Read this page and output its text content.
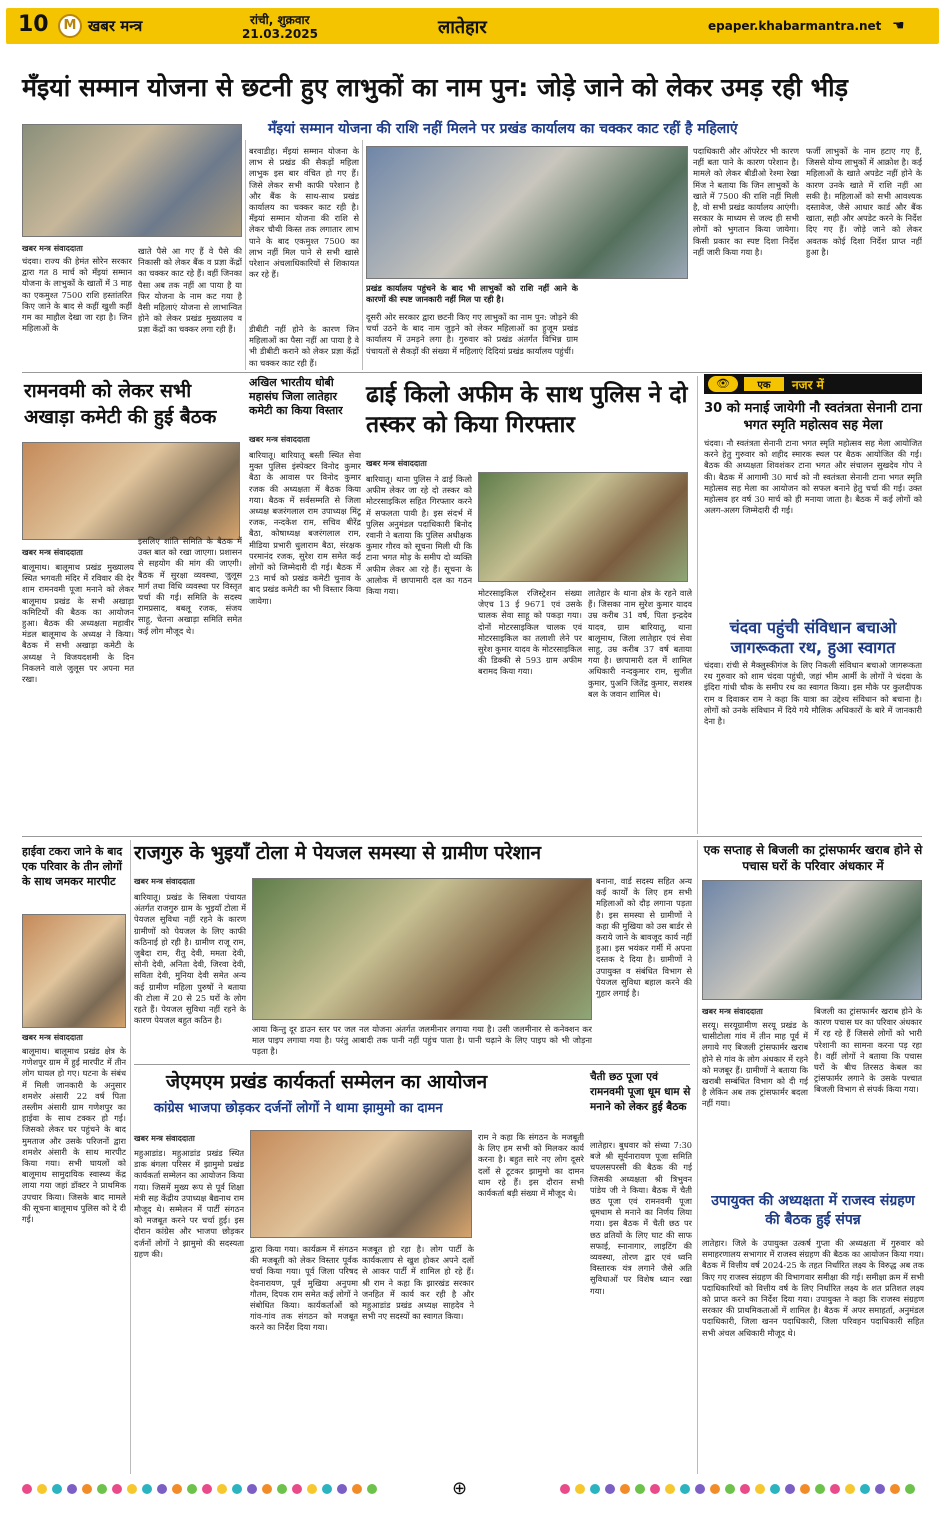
10	M खबर मन्त्र	रांची, शुक्रवार
21.03.2025	लातेहार	epaper.khabarmantra.net ☚
मँइयां सम्मान योजना से छटनी हुए लाभुकों का नाम पुन: जोड़े जाने को लेकर उमड़ रही भीड़
मँइयां सम्मान योजना की राशि नहीं मिलने पर प्रखंड कार्यालय का चक्कर काट रहीं है महिलाएं
खबर मन्त्र संवाददाता
चंदवा। राज्य की हेमंत सोरेन सरकार द्वारा गत 8 मार्च को मँइयां सम्मान योजना के लाभुकों के खातों में 3 माह का एकमुश्त 7500 राशि हस्तांतरित किए जाने के बाद से कहीं खुशी कहीं गम का माहौल देखा जा रहा है। जिन महिलाओं के
खाते पैसे आ गए हैं वे पैसे की निकासी को लेकर बैंक व प्रज्ञा केंद्रों का चक्कर काट रहे हैं। वहीं जिनका पैसा अब तक नहीं आ पाया है या फिर योजना के नाम कट गया है वैसी महिलाएं योजना से लाभान्वित होने को लेकर प्रखंड मुख्यालय व प्रज्ञा केंद्रों का चक्कर लगा रही हैं।
बरवाडीह। मँइयां सम्मान योजना के लाभ से प्रखंड की सैकड़ों महिला लाभुक इस बार वंचित हो गए हैं। जिसे लेकर सभी काफी परेशान है और बैंक के साथ-साथ प्रखंड कार्यालय का चक्कर काट रही है। मँइयां सम्मान योजना की राशि से लेकर चौथी किस्त तक लगातार लाभ पाने के बाद एकमुश्त 7500 का लाभ नहीं मिल पाने से सभी खासे परेशान अंचलाधिकारियों से शिकायत कर रहे हैं।
डीबीटी नहीं होने के कारण जिन महिलाओं का पैसा नहीं आ पाया है वे भी डीबीटी कराने को लेकर प्रज्ञा केंद्रों का चक्कर काट रही हैं।
प्रखंड कार्यालय पहुंचने के बाद भी लाभुकों को राशि नहीं आने के कारणों की स्पष्ट जानकारी नहीं मिल पा रही है।
दूसरी ओर सरकार द्वारा छटनी किए गए लाभुकों का नाम पुन: जोड़ने की चर्चा उठने के बाद नाम जुड़ने को लेकर महिलाओं का हुजूम प्रखंड कार्यालय में उमड़ने लगा है। गुरुवार को प्रखंड अंतर्गत विभिन्न ग्राम पंचायतों से सैकड़ों की संख्या में महिलाएं दिदियां प्रखंड कार्यालय पहुंचीं।
पदाधिकारी और ऑपरेटर भी कारण नहीं बता पाने के कारण परेशान है। मामले को लेकर बीडीओ रेश्मा रेखा मिंज ने बताया कि जिन लाभुकों के खाते में 7500 की राशि नहीं मिली है, वो सभी प्रखंड कार्यालय आएंगी। सरकार के माध्यम से जल्द ही सभी लोगों को भुगतान किया जायेगा। किसी प्रकार का स्पष्ट दिशा निर्देश नहीं जारी किया गया है।
फर्जी लाभुकों के नाम हटाए गए हैं, जिससे योग्य लाभुकों में आक्रोश है। कई महिलाओं के खाते अपडेट नहीं होने के कारण उनके खाते में राशि नहीं आ सकी है। महिलाओं को सभी आवश्यक दस्तावेज, जैसे आधार कार्ड और बैंक खाता, सही और अपडेट करने के निर्देश दिए गए हैं। जोड़े जाने को लेकर अवतक कोई दिशा निर्देश प्राप्त नहीं हुआ है।
रामनवमी को लेकर सभी अखाड़ा कमेटी की हुई बैठक
खबर मन्त्र संवाददाता
बालूमाथ। बालूमाथ प्रखंड मुख्यालय स्थित भगवती मंदिर में रविवार की देर शाम रामनवमी पूजा मनाने को लेकर बालूमाथ प्रखंड के सभी अखाड़ा कमिटियों की बैठक का आयोजन हुआ। बैठक की अध्यक्षता महावीर मंडल बालूमाथ के अध्यक्ष ने किया। बैठक में सभी अखाड़ा कमेटी के अध्यक्ष ने विजयदशमी के दिन निकलने वाले जुलूस पर अपना मत रखा।
इसलिए शांति समिति के बैठक में उक्त बात को रखा जाएगा। प्रशासन से सहयोग की मांग की जाएगी। बैठक में सुरक्षा व्यवस्था, जुलूस मार्ग तथा विधि व्यवस्था पर विस्तृत चर्चा की गई। समिति के सदस्य रामप्रसाद, बबलू रजक, संजय साहू, चेतना अखाड़ा समिति समेत कई लोग मौजूद थे।
अखिल भारतीय धोबी महासंघ जिला लातेहार कमेटी का किया विस्तार
खबर मन्त्र संवाददाता
बारियातू। बारियातू बस्ती स्थित सेवा मुक्त पुलिस इंस्पेक्टर विनोद कुमार बैठा के आवास पर विनोद कुमार रजक की अध्यक्षता में बैठक किया गया। बैठक में सर्वसम्मति से जिला अध्यक्ष बजरंगलाल राम उपाध्यक्ष मिंटू रजक, नन्दकेश राम, सचिव बीरेंद्र बैठा, कोषाध्यक्ष बजरंगलाल राम, मीडिया प्रभारी धुलाराम बैठा, संरक्षक परमानंद रजक, सुरेश राम समेत कई लोगों को जिम्मेदारी दी गई। बैठक में 23 मार्च को प्रखंड कमेटी चुनाव के बाद प्रखंड कमेटी का भी विस्तार किया जायेगा।
ढाई किलो अफीम के साथ पुलिस ने दो तस्कर को किया गिरफ्तार
खबर मन्त्र संवाददाता
बारियातू। थाना पुलिस ने ढाई किलो अफीम लेकर जा रहे दो तस्कर को मोटरसाइकिल सहित गिरफ्तार करने में सफलता पायी है। इस संदर्भ में पुलिस अनुमंडल पदाधिकारी बिनोद रवानी ने बताया कि पुलिस अधीक्षक कुमार गौरव को सूचना मिली थी कि टाना भगत मोड़ के समीप दो व्यक्ति अफीम लेकर आ रहे हैं। सूचना के आलोक में छापामारी दल का गठन किया गया।	मोटरसाइकिल रजिस्ट्रेशन संख्या जेएच 13 ई 9671 एवं उसके चालक सेवा साहू को पकड़ा गया। दोनों मोटरसाइकिल चालक एवं मोटरसाइकिल का तलाशी लेने पर सुरेश कुमार यादव के मोटरसाइकिल की डिक्की से 593 ग्राम अफीम बरामद किया गया।
लातेहार के थाना क्षेत्र के रहने वाले हैं। जिसका नाम सुरेश कुमार यादव उम्र करीब 31 वर्ष, पिता इन्द्रदेव यादव, ग्राम बारियातू, थाना बालूमाथ, जिला लातेहार एवं सेवा साहू, उम्र करीब 37 वर्ष बताया गया है। छापामारी दल में शामिल अधिकारी नन्दकुमार राम, सुजीत कुमार, पुअनि जितेंद्र कुमार, सशस्त्र बल के जवान शामिल थे।
👁	एक	नजर में
30 को मनाई जायेगी नौ स्वतंत्रता सेनानी टाना भगत स्मृति महोत्सव सह मेला
चंदवा। नौ स्वतंत्रता सेनानी टाना भगत स्मृति महोत्सव सह मेला आयोजित करने हेतु गुरुवार को शहीद स्मारक स्थल पर बैठक आयोजित की गई। बैठक की अध्यक्षता शिवशंकर टाना भगत और संचालन सुखदेव गोप ने की। बैठक में आगामी 30 मार्च को नौ स्वतंत्रता सेनानी टाना भगत स्मृति महोत्सव सह मेला का आयोजन को सफल बनाने हेतु चर्चा की गई। उक्त महोत्सव हर वर्ष 30 मार्च को ही मनाया जाता है। बैठक में कई लोगों को अलग-अलग जिम्मेदारी दी गई।
चंदवा पहुंची संविधान बचाओ जागरूकता रथ, हुआ स्वागत
चंदवा। रांची से मैक्लुस्कीगंज के लिए निकली संविधान बचाओ जागरूकता रथ गुरुवार को शाम चंदवा पहुंची, जहां भीम आर्मी के लोगों ने चंदवा के इंदिरा गांधी चौक के समीप रथ का स्वागत किया। इस मौके पर कुलदीपक राम व दिवाकर राम ने कहा कि यात्रा का उद्देश्य संविधान को बचाना है। लोगों को उनके संविधान में दिये गये मौलिक अधिकारों के बारे में जानकारी देना है।
हाईवा टकरा जाने के बाद एक परिवार के तीन लोगों के साथ जमकर मारपीट
खबर मन्त्र संवाददाता
बालूमाथ। बालूमाथ प्रखंड क्षेत्र के गणेशपुर ग्राम में हुई मारपीट में तीन लोग घायल हो गए। घटना के संबंध में मिली जानकारी के अनुसार शमशेर अंसारी 22 वर्ष पिता तस्लीम अंसारी ग्राम गणेशपुर का हाईवा के साथ टक्कर हो गई। जिसको लेकर घर पहुंचने के बाद मुमताज और उसके परिजनों द्वारा शमशेर अंसारी के साथ मारपीट किया गया। सभी घायलों को बालूमाथ सामुदायिक स्वास्थ्य केंद्र लाया गया जहां डॉक्टर ने प्राथमिक उपचार किया। जिसके बाद मामले की सूचना बालूमाथ पुलिस को दे दी गई।
राजगुरु के भुइयाँ टोला मे पेयजल समस्या से ग्रामीण परेशान
खबर मन्त्र संवाददाता
बारियातू। प्रखंड के सिबला पंचायत अंतर्गत राजगुरु ग्राम के भुइयाँ टोला में पेयजल सुविधा नहीं रहने के कारण ग्रामीणों को पेयजल के लिए काफी कठिनाई हो रही है। ग्रामीण राजू राम, जुबैदा राम, रीतु देवी, ममता देवी, सोनी देवी, अनिता देवी, जिरवा देवी, सविता देवी, मुनिया देवी समेत अन्य कई ग्रामीण महिला पुरुषों ने बताया की टोला में 20 से 25 घरों के लोग रहते हैं। पेयजल सुविधा नहीं रहने के कारण पेयजल बहुत कठिन है।
आया किन्तु दूर डाउन स्तर पर जल नल योजना अंतर्गत जलमीनार लगाया गया है। उसी जलमीनार से कनेक्शन कर माल पाइप लगाया गया है। परंतु आबादी तक पानी नहीं पहुंच पाता है। पानी चढ़ाने के लिए पाइप को भी जोड़ना पड़ता है।
बनाना, वार्ड सदस्य सहित अन्य कई कार्यों के लिए हम सभी महिलाओं को दौड़ लगाना पड़ता है। इस समस्या से ग्रामीणों ने कहा की मुखिया को उस बार्डर से कराये जाने के बावजूद कार्य नहीं हुआ। इस भयंकर गर्मी में अपना दस्तक दे दिया है। ग्रामीणों ने उपायुक्त व संबंधित विभाग से पेयजल सुविधा बहाल करने की गुहार लगाई है।
एक सप्ताह से बिजली का ट्रांसफार्मर खराब होने से पचास घरों के परिवार अंधकार में
खबर मन्त्र संवाददाता
सरयू। सरयूग्रामीण सरयू प्रखंड के चासीटोला गांव में तीन माह पूर्व में लगाये गए बिजली ट्रांसफार्मर खराब होने से गांव के लोग अंधकार में रहने को मजबूर हैं। ग्रामीणों ने बताया कि खराबी सम्बंधित विभाग को दी गई है लेकिन अब तक ट्रांसफार्मर बदला नहीं गया।
बिजली का ट्रांसफार्मर खराब होने के कारण पचास घर का परिवार अंधकार में रह रहे हैं जिससे लोगों को भारी परेशानी का सामना करना पड़ रहा है। वहीं लोगों ने बताया कि पचास घरों के बीच तिरसठ केबल का ट्रांसफार्मर लगाने के उसके पश्चात बिजली विभाग से संपर्क किया गया।
जेएमएम प्रखंड कार्यकर्ता सम्मेलन का आयोजन
कांग्रेस भाजपा छोड़कर दर्जनों लोगों ने थामा झामुमो का दामन
खबर मन्त्र संवाददाता
महुआडांड। महुआडांड प्रखंड स्थित डाक बंगला परिसर में झामुमो प्रखंड कार्यकर्ता सम्मेलन का आयोजन किया गया। जिसमें मुख्य रूप से पूर्व शिक्षा मंत्री सह केंद्रीय उपाध्यक्ष बैद्यनाथ राम मौजूद थे। सम्मेलन में पार्टी संगठन को मजबूत करने पर चर्चा हुई। इस दौरान कांग्रेस और भाजपा छोड़कर दर्जनों लोगों ने झामुमो की सदस्यता ग्रहण की।	द्वारा किया गया। कार्यक्रम में संगठन की मजबूती को लेकर विस्तार पूर्वक चर्चा किया गया। पूर्व जिला परिषद देवनारायण, पूर्व मुखिया अनुपमा गौतम, दिपक राम समेत कई लोगों ने संबोधित किया। कार्यकर्ताओं को गांव-गांव तक संगठन को मजबूत करने का निर्देश दिया गया।
मजबूत हो रहा है। लोग पार्टी के कार्यकलाप से खुश होकर अपने दलों से आकर पार्टी में शामिल हो रहे हैं। श्री राम ने कहा कि झारखंड सरकार जनहित में कार्य कर रही है और महुआडांड प्रखंड अध्यक्ष साहदेव ने सभी नए सदस्यों का स्वागत किया।
राम ने कहा कि संगठन के मजबूती के लिए हम सभी को मिलकर कार्य करना है। बहुत सारे नए लोग दूसरे दलों से टूटकर झामुमो का दामन थाम रहे हैं। इस दौरान सभी कार्यकर्ता बड़ी संख्या में मौजूद थे।
चैती छठ पूजा एवं रामनवमी पूजा धूम धाम से मनाने को लेकर हुई बैठक
लातेहार। बुधवार को संध्या 7:30 बजे श्री सूर्यनारायण पूजा समिति चपलसपरसी की बैठक की गई जिसकी अध्यक्षता श्री त्रिभुवन पांडेय जी ने किया। बैठक में चैती छठ पूजा एवं रामनवमी पूजा धूमधाम से मनाने का निर्णय लिया गया। इस बैठक में चैती छठ पर छठ व्रतियों के लिए घाट की साफ सफाई, स्नानागार, लाइटिंग की व्यवस्था, तोरण द्वार एवं ध्वनि विस्तारक यंत्र लगाने जैसे अति सुविधाओं पर विशेष ध्यान रखा गया।
उपायुक्त की अध्यक्षता में राजस्व संग्रहण की बैठक हुई संपन्न
लातेहार। जिले के उपायुक्त उत्कर्ष गुप्ता की अध्यक्षता में गुरुवार को समाहरणालय सभागार में राजस्व संग्रहण की बैठक का आयोजन किया गया। बैठक में वित्तीय वर्ष 2024-25 के तहत निर्धारित लक्ष्य के विरुद्ध अब तक किए गए राजस्व संग्रहण की विभागवार समीक्षा की गई। समीक्षा क्रम में सभी पदाधिकारियों को वित्तीय वर्ष के लिए निर्धारित लक्ष्य के शत प्रतिशत लक्ष्य को प्राप्त करने का निर्देश दिया गया। उपायुक्त ने कहा कि राजस्व संग्रहण सरकार की प्राथमिकताओं में शामिल है। बैठक में अपर समाहर्ता, अनुमंडल पदाधिकारी, जिला खनन पदाधिकारी, जिला परिवहन पदाधिकारी सहित सभी अंचल अधिकारी मौजूद थे।
⊕
